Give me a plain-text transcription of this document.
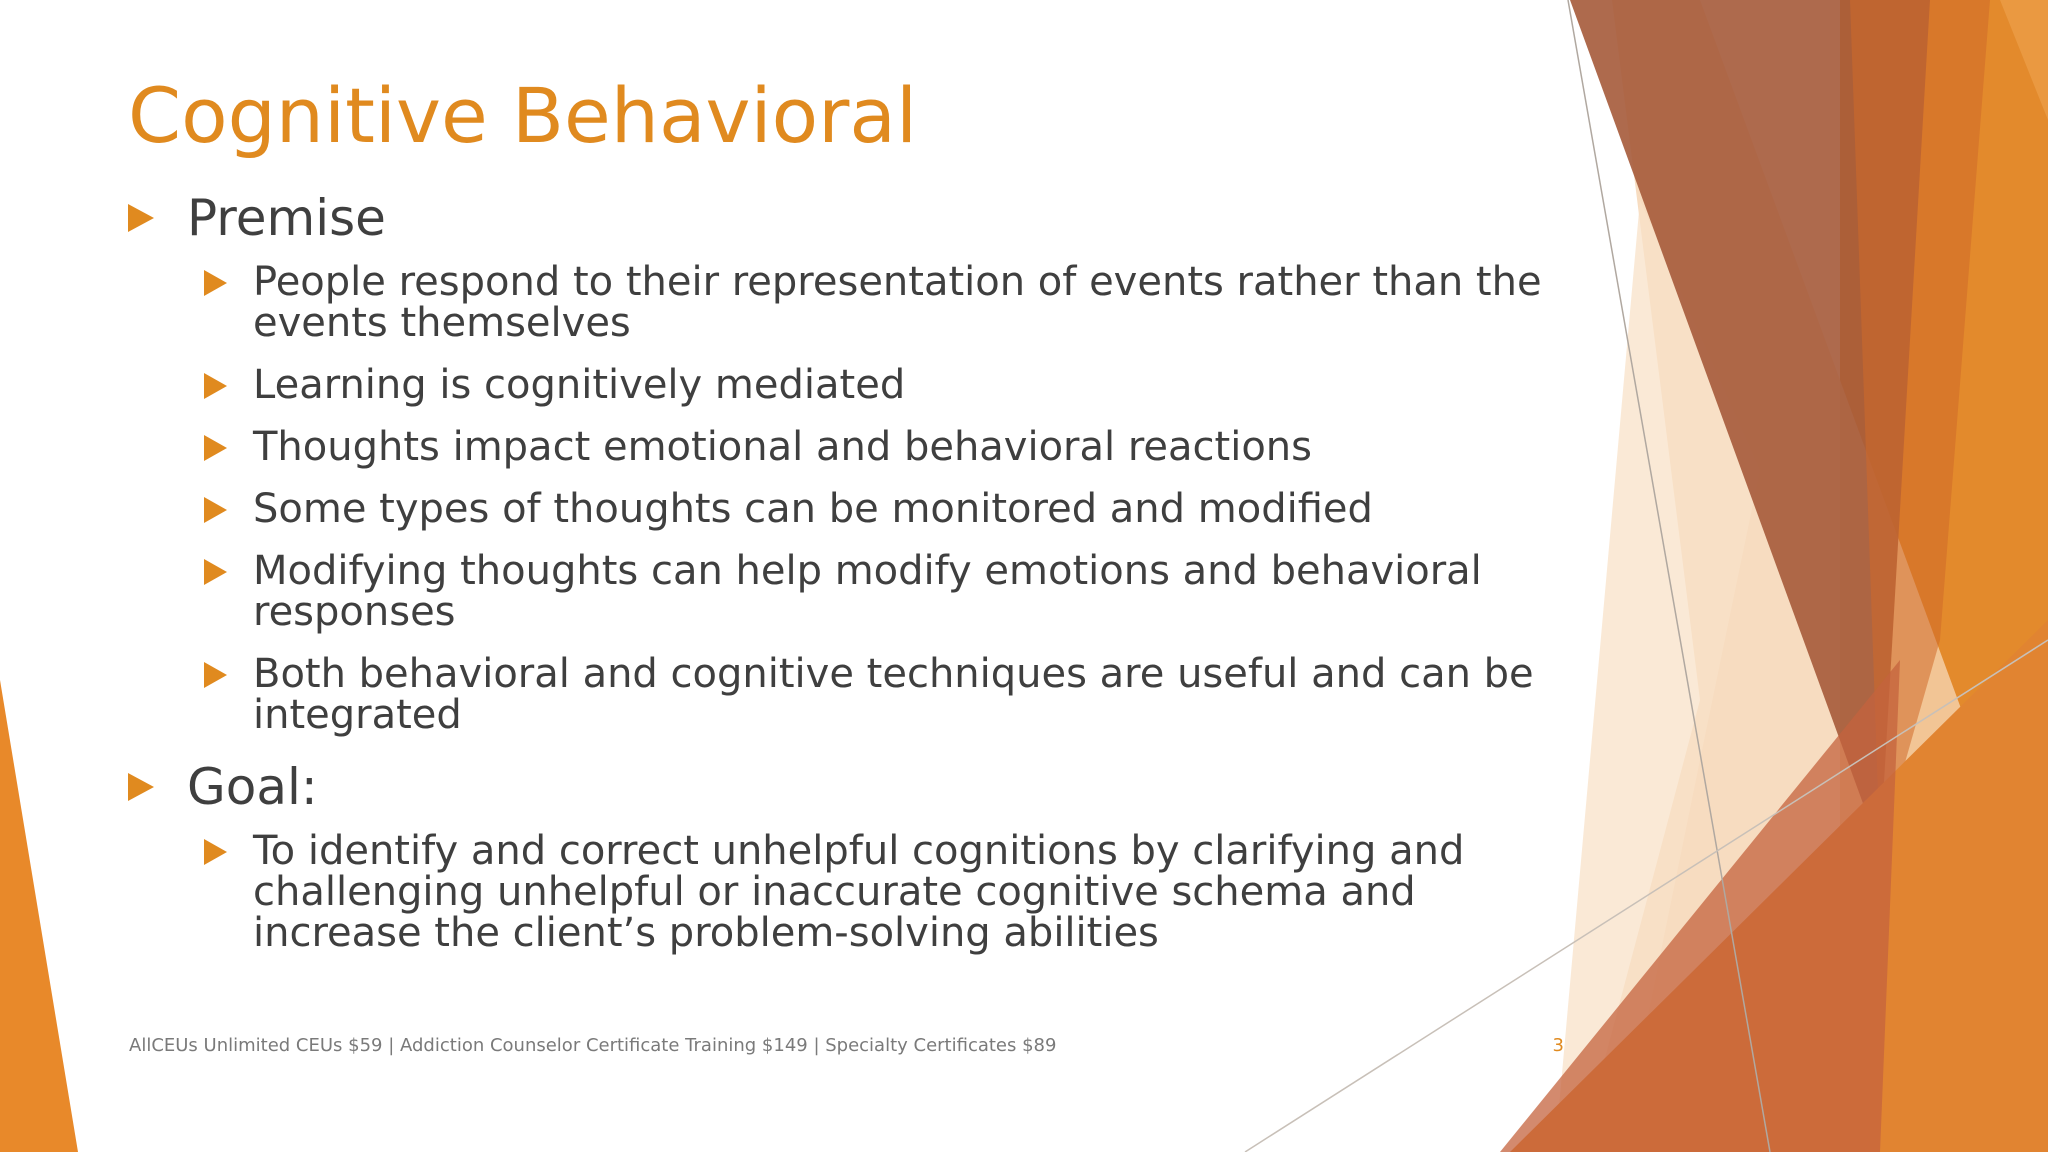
Cognitive Behavioral
Premise
People respond to their representation of events rather than the events themselves
Learning is cognitively mediated
Thoughts impact emotional and behavioral reactions
Some types of thoughts can be monitored and modified
Modifying thoughts can help modify emotions and behavioral responses
Both behavioral and cognitive techniques are useful and can be integrated
Goal:
To identify and correct unhelpful cognitions by clarifying and challenging unhelpful or inaccurate cognitive schema and increase the client’s problem-solving abilities
AllCEUs Unlimited CEUs $59 | Addiction Counselor Certificate Training $149 | Specialty Certificates $89	3
